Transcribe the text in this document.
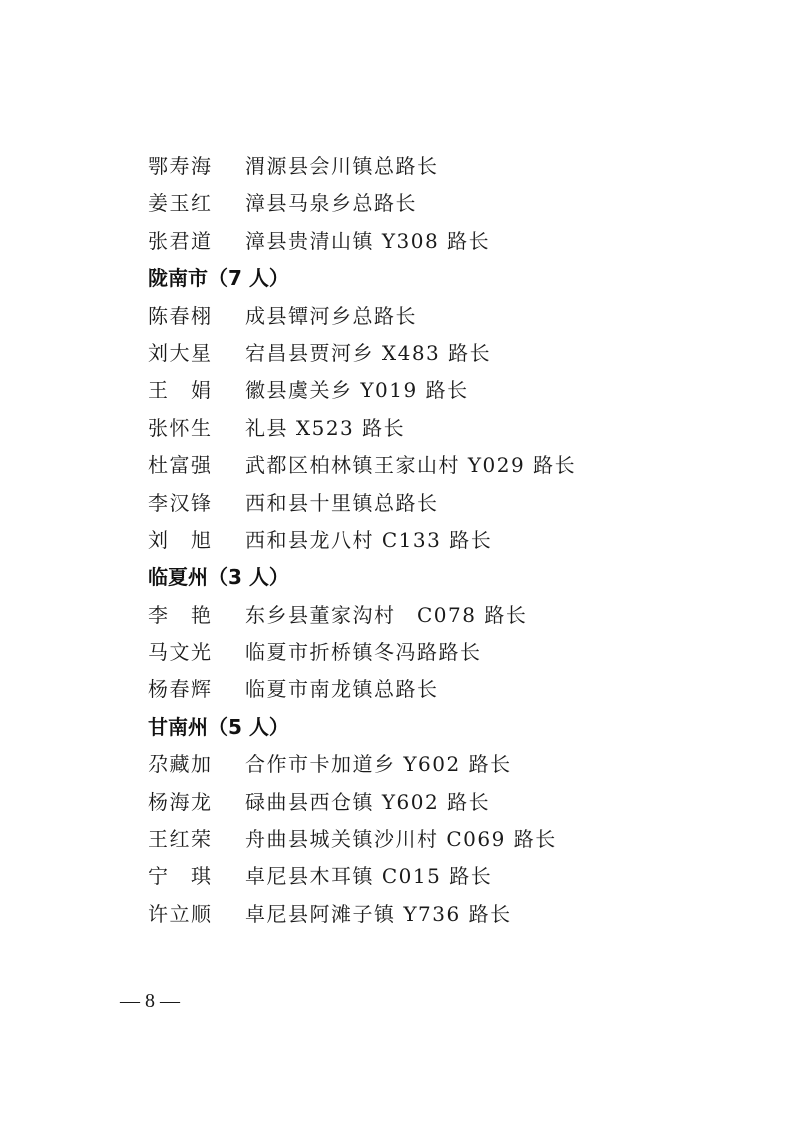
鄂寿海 渭源县会川镇总路长
姜玉红 漳县马泉乡总路长
张君道 漳县贵清山镇 Y308 路长
陇南市（7 人）
陈春栩 成县镡河乡总路长
刘大星 宕昌县贾河乡 X483 路长
王　娟 徽县虞关乡 Y019 路长
张怀生 礼县 X523 路长
杜富强 武都区柏林镇王家山村 Y029 路长
李汉锋 西和县十里镇总路长
刘　旭 西和县龙八村 C133 路长
临夏州（3 人）
李　艳 东乡县董家沟村　C078 路长
马文光 临夏市折桥镇冬冯路路长
杨春辉 临夏市南龙镇总路长
甘南州（5 人）
尕藏加 合作市卡加道乡 Y602 路长
杨海龙 碌曲县西仓镇 Y602 路长
王红荣 舟曲县城关镇沙川村 C069 路长
宁　琪 卓尼县木耳镇 C015 路长
许立顺 卓尼县阿滩子镇 Y736 路长
— 8 —
